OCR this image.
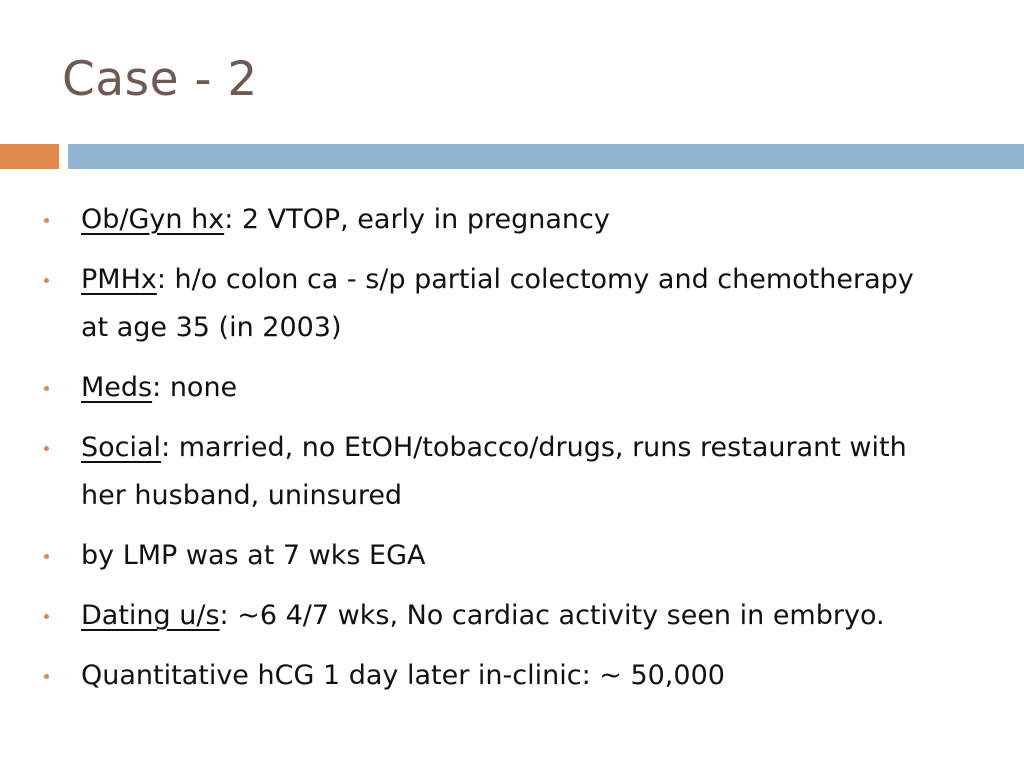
Case - 2
Ob/Gyn hx: 2 VTOP, early in pregnancy
PMHx: h/o colon ca - s/p partial colectomy and chemotherapy at age 35 (in 2003)
Meds: none
Social: married, no EtOH/tobacco/drugs, runs restaurant with her husband, uninsured
by LMP was at 7 wks EGA
Dating u/s: ~6 4/7 wks, No cardiac activity seen in embryo.
Quantitative hCG 1 day later in-clinic: ~ 50,000
